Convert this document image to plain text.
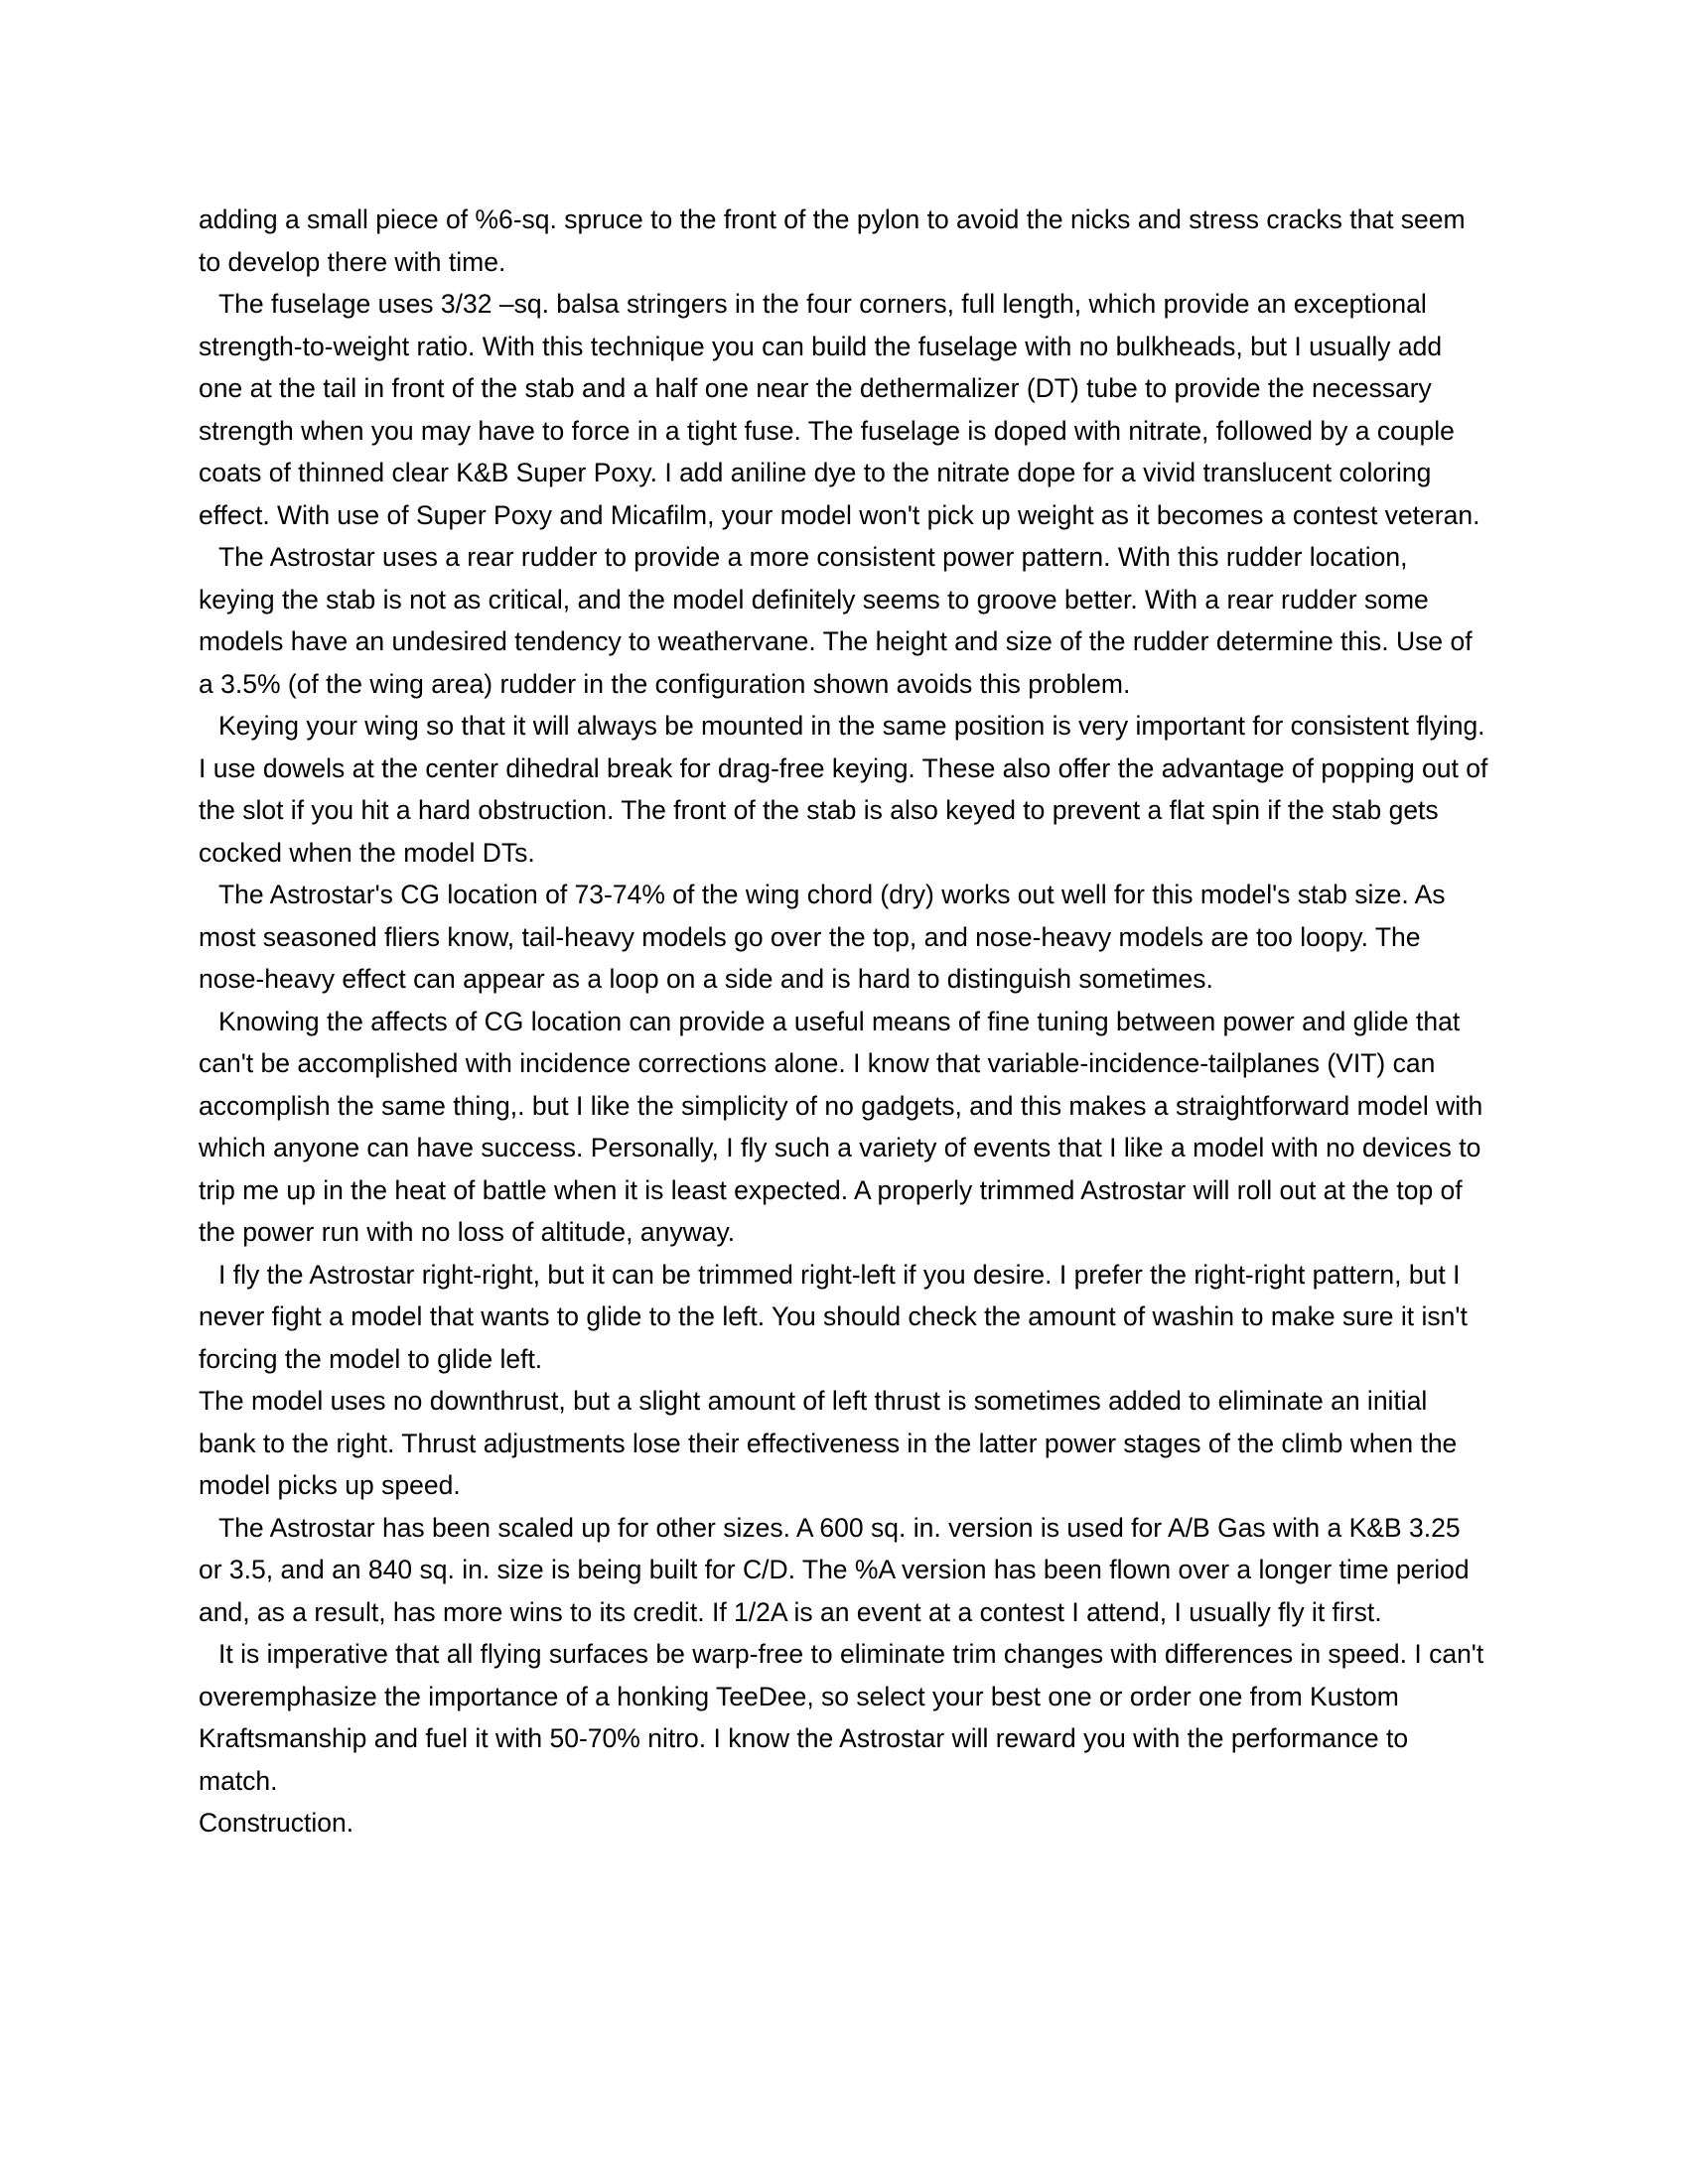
adding a small piece of %6-sq. spruce to the front of the pylon to avoid the nicks and stress cracks that seem to develop there with time.

The fuselage uses 3/32 –sq. balsa stringers in the four corners, full length, which provide an exceptional strength-to-weight ratio. With this technique you can build the fuselage with no bulkheads, but I usually add one at the tail in front of the stab and a half one near the dethermalizer (DT) tube to provide the necessary strength when you may have to force in a tight fuse. The fuselage is doped with nitrate, followed by a couple coats of thinned clear K&B Super Poxy. I add aniline dye to the nitrate dope for a vivid translucent coloring effect. With use of Super Poxy and Micafilm, your model won't pick up weight as it becomes a contest veteran.

The Astrostar uses a rear rudder to provide a more consistent power pattern. With this rudder location, keying the stab is not as critical, and the model definitely seems to groove better. With a rear rudder some models have an undesired tendency to weathervane. The height and size of the rudder determine this. Use of a 3.5% (of the wing area) rudder in the configuration shown avoids this problem.

Keying your wing so that it will always be mounted in the same position is very important for consistent flying. I use dowels at the center dihedral break for drag-free keying. These also offer the advantage of popping out of the slot if you hit a hard obstruction. The front of the stab is also keyed to prevent a flat spin if the stab gets cocked when the model DTs.

The Astrostar's CG location of 73-74% of the wing chord (dry) works out well for this model's stab size. As most seasoned fliers know, tail-heavy models go over the top, and nose-heavy models are too loopy. The nose-heavy effect can appear as a loop on a side and is hard to distinguish sometimes.

Knowing the affects of CG location can provide a useful means of fine tuning between power and glide that can't be accomplished with incidence corrections alone. I know that variable-incidence-tailplanes (VIT) can accomplish the same thing,. but I like the simplicity of no gadgets, and this makes a straightforward model with which anyone can have success. Personally, I fly such a variety of events that I like a model with no devices to trip me up in the heat of battle when it is least expected. A properly trimmed Astrostar will roll out at the top of the power run with no loss of altitude, anyway.

I fly the Astrostar right-right, but it can be trimmed right-left if you desire. I prefer the right-right pattern, but I never fight a model that wants to glide to the left. You should check the amount of washin to make sure it isn't forcing the model to glide left.

The model uses no downthrust, but a slight amount of left thrust is sometimes added to eliminate an initial bank to the right. Thrust adjustments lose their effectiveness in the latter power stages of the climb when the model picks up speed.

The Astrostar has been scaled up for other sizes. A 600 sq. in. version is used for A/B Gas with a K&B 3.25 or 3.5, and an 840 sq. in. size is being built for C/D. The %A version has been flown over a longer time period and, as a result, has more wins to its credit. If 1/2A is an event at a contest I attend, I usually fly it first.

It is imperative that all flying surfaces be warp-free to eliminate trim changes with differences in speed. I can't overemphasize the importance of a honking TeeDee, so select your best one or order one from Kustom Kraftsmanship and fuel it with 50-70% nitro. I know the Astrostar will reward you with the performance to match.

Construction.
